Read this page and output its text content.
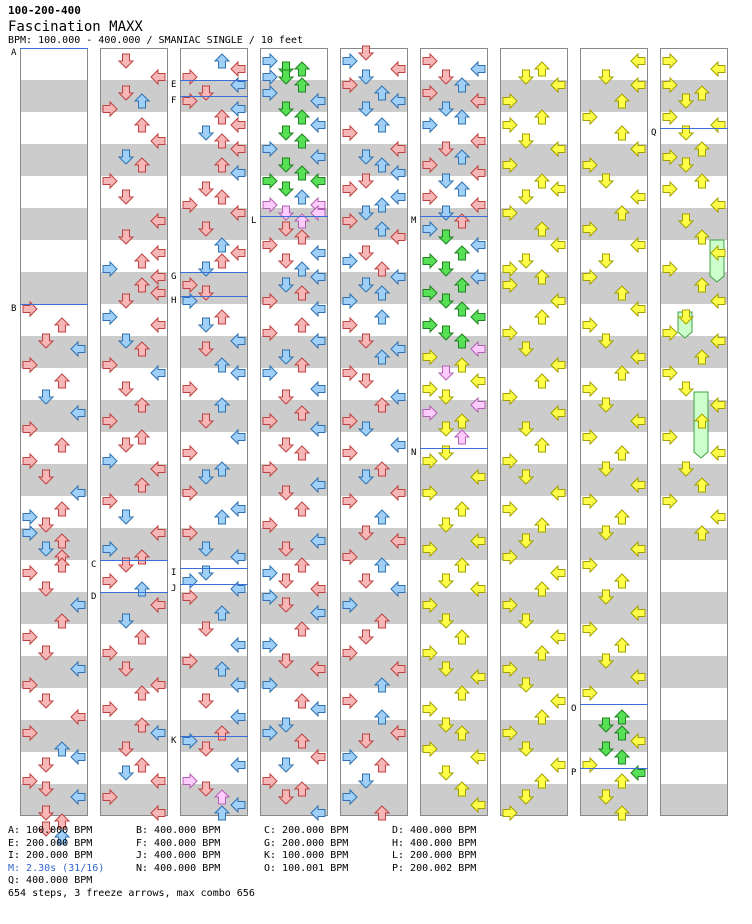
100-200-400
Fascination MAXX
BPM: 100.000 - 400.000 / SMANIAC SINGLE / 10 feet
A
B
C
D
E
F
G
H
I
J
K
L	M
N
O
P
Q
A: 100.000 BPM	B: 400.000 BPM	C: 200.000 BPM	D: 400.000 BPM
E: 200.000 BPM	F: 400.000 BPM	G: 200.000 BPM	H: 400.000 BPM
I: 200.000 BPM	J: 400.000 BPM	K: 100.000 BPM	L: 200.000 BPM
M: 2.30s (31/16)	N: 400.000 BPM	O: 100.001 BPM	P: 200.002 BPM
Q: 400.000 BPM
654 steps, 3 freeze arrows, max combo 656
